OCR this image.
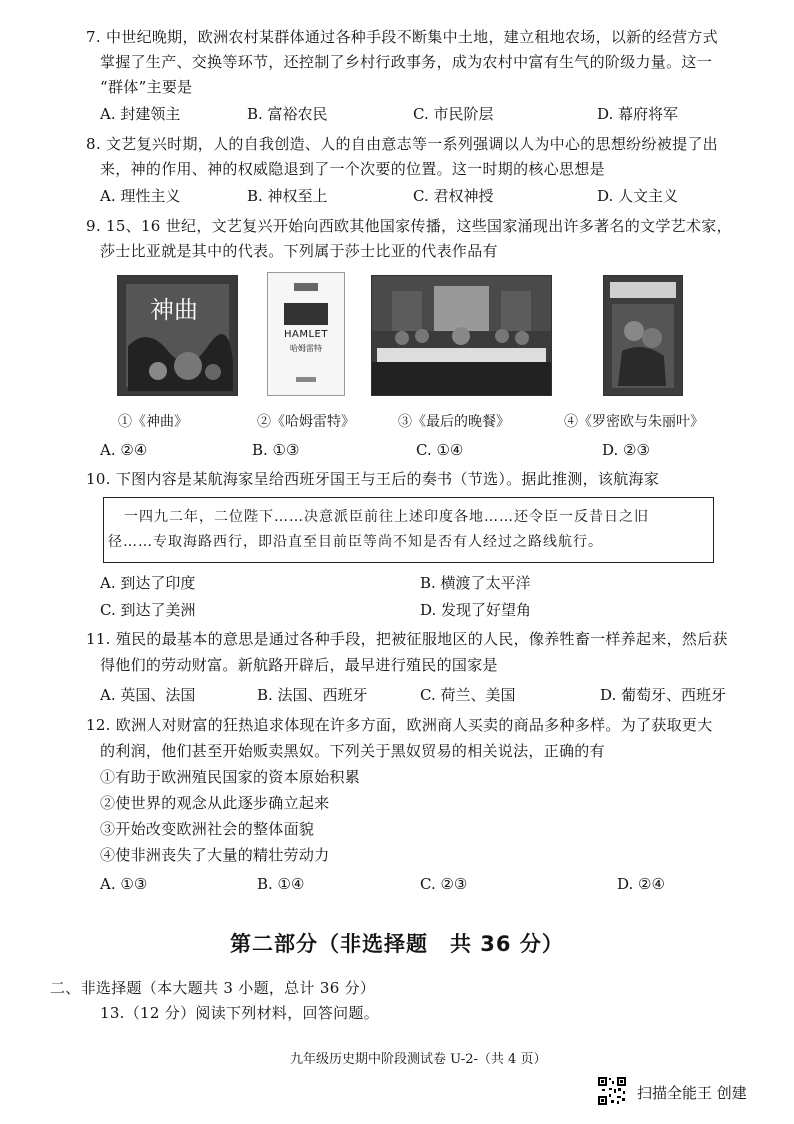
7. 中世纪晚期，欧洲农村某群体通过各种手段不断集中土地，建立租地农场，以新的经营方式
掌握了生产、交换等环节，还控制了乡村行政事务，成为农村中富有生气的阶级力量。这一
“群体”主要是
A. 封建领主	B. 富裕农民	C. 市民阶层	D. 幕府将军
8. 文艺复兴时期，人的自我创造、人的自由意志等一系列强调以人为中心的思想纷纷被提了出
来，神的作用、神的权威隐退到了一个次要的位置。这一时期的核心思想是
A. 理性主义	B. 神权至上	C. 君权神授	D. 人文主义
9. 15、16 世纪，文艺复兴开始向西欧其他国家传播，这些国家涌现出许多著名的文学艺术家，
莎士比亚就是其中的代表。下列属于莎士比亚的代表作品有
神曲
HAMLET
哈姆雷特
①《神曲》	②《哈姆雷特》	③《最后的晚餐》	④《罗密欧与朱丽叶》
A. ②④	B. ①③	C. ①④	D. ②③
10. 下图内容是某航海家呈给西班牙国王与王后的奏书（节选）。据此推测，该航海家
一四九二年，二位陛下……决意派臣前往上述印度各地……还令臣一反昔日之旧
径……专取海路西行，即沿直至目前臣等尚不知是否有人经过之路线航行。
A. 到达了印度	B. 横渡了太平洋
C. 到达了美洲	D. 发现了好望角
11. 殖民的最基本的意思是通过各种手段，把被征服地区的人民，像养牲畜一样养起来，然后获
得他们的劳动财富。新航路开辟后，最早进行殖民的国家是
A. 英国、法国	B. 法国、西班牙	C. 荷兰、美国	D. 葡萄牙、西班牙
12. 欧洲人对财富的狂热追求体现在许多方面，欧洲商人买卖的商品多种多样。为了获取更大
的利润，他们甚至开始贩卖黑奴。下列关于黑奴贸易的相关说法，正确的有
①有助于欧洲殖民国家的资本原始积累
②使世界的观念从此逐步确立起来
③开始改变欧洲社会的整体面貌
④使非洲丧失了大量的精壮劳动力
A. ①③	B. ①④	C. ②③	D. ②④
第二部分（非选择题　共 36 分）
二、非选择题（本大题共 3 小题，总计 36 分）
13.（12 分）阅读下列材料，回答问题。
九年级历史期中阶段测试卷 U-2-（共 4 页）
扫描全能王 创建
